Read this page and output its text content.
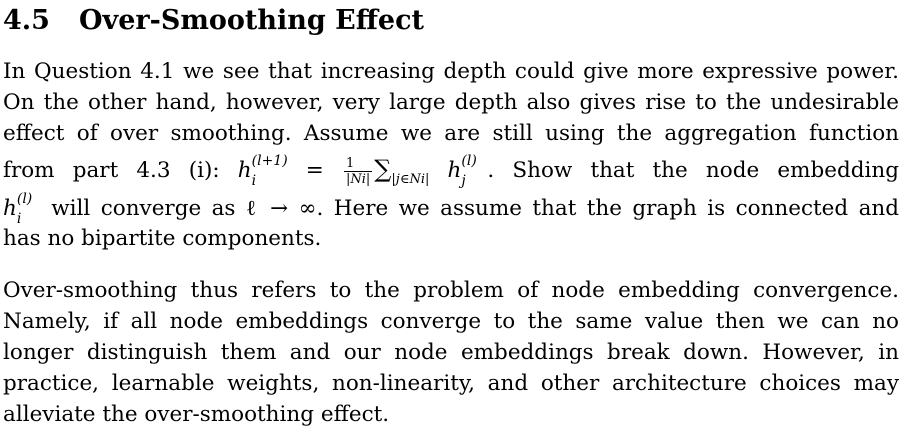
4.5 Over-Smoothing Effect
In Question 4.1 we see that increasing depth could give more expressive power.
On the other hand, however, very large depth also gives rise to the undesirable
effect of over smoothing. Assume we are still using the aggregation function
from part 4.3 (i): h (l+1)
$i = \frac{1}{|Ni|} \sum_{|j\in Ni|}$ h (l)
j . Show that the node embedding
h (l)
i will converge as ℓ → ∞. Here we assume that the graph is connected and
has no bipartite components.
Over-smoothing thus refers to the problem of node embedding convergence.
Namely, if all node embeddings converge to the same value then we can no
longer distinguish them and our node embeddings break down. However, in
practice, learnable weights, non-linearity, and other architecture choices may
alleviate the over-smoothing effect.
